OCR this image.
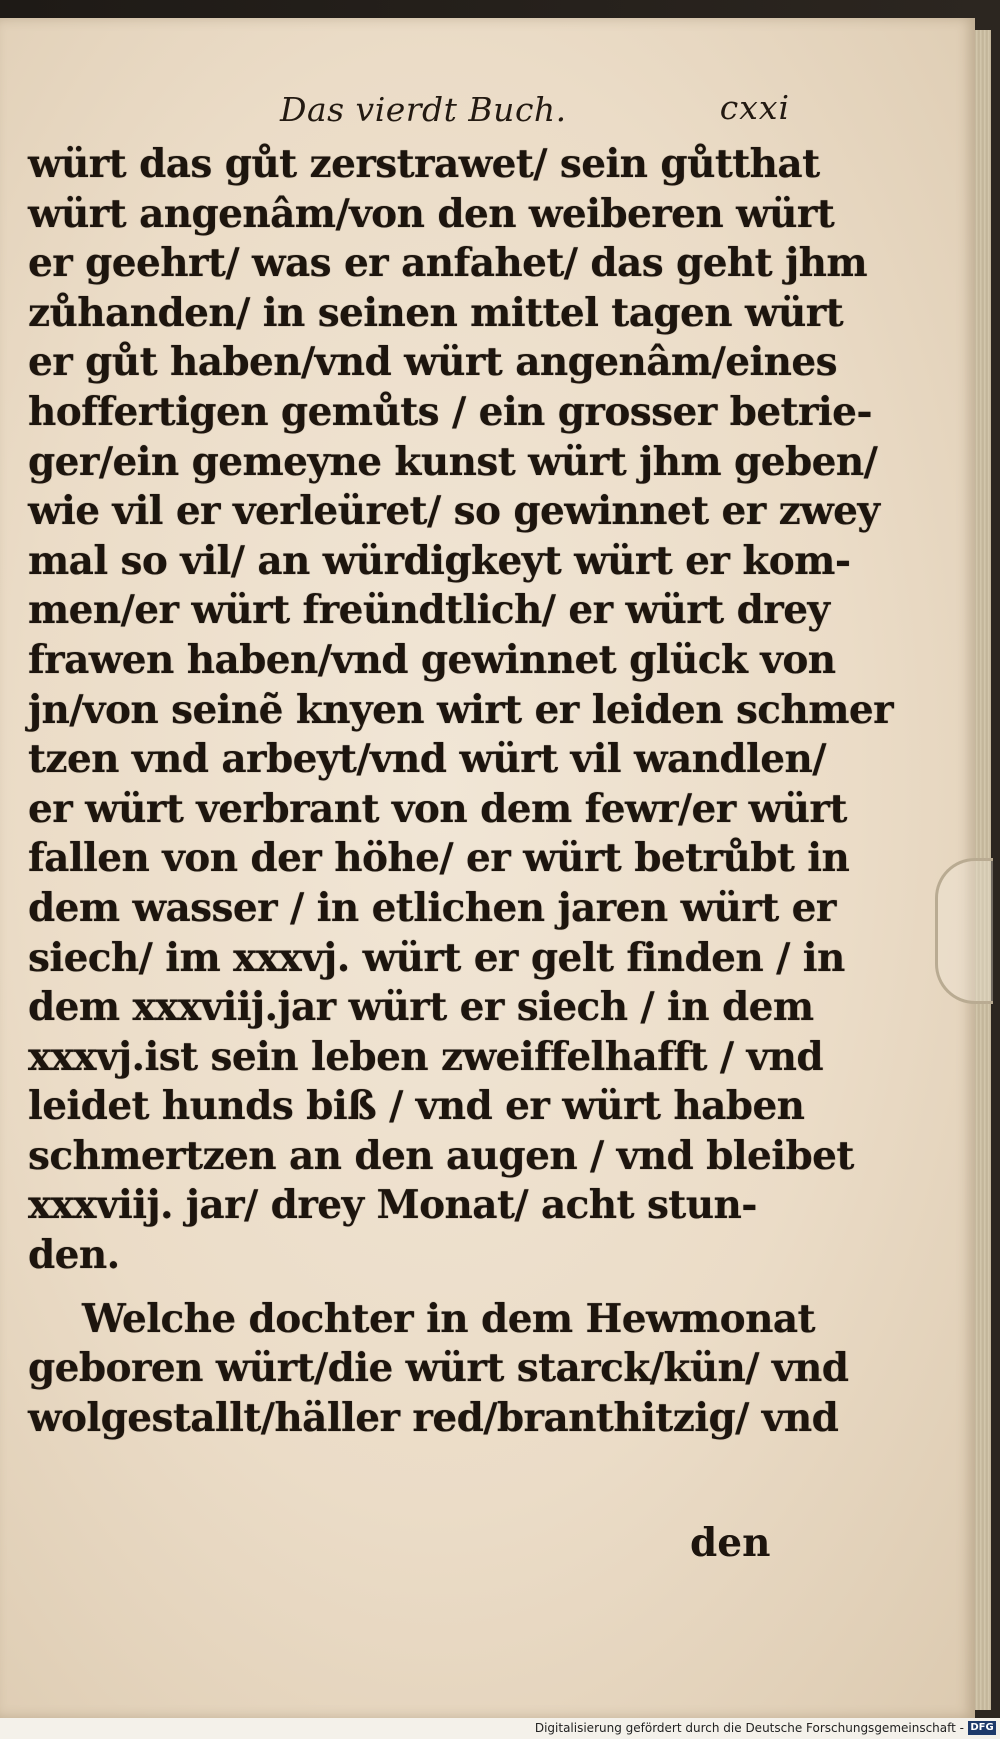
Das vierdt Buch.	cxxi
würt das gůt zerstrawet/ sein gůtthat
würt angenâm/von den weiberen würt
er geehrt/ was er anfahet/ das geht jhm
zůhanden/ in seinen mittel tagen würt
er gůt haben/vnd würt angenâm/eines
hoffertigen gemůts / ein grosser betrie-
ger/ein gemeyne kunst würt jhm geben/
wie vil er verleüret/ so gewinnet er zwey
mal so vil/ an würdigkeyt würt er kom-
men/er würt freündtlich/ er würt drey
frawen haben/vnd gewinnet glück von
jn/von seinẽ knyen wirt er leiden schmer
tzen vnd arbeyt/vnd würt vil wandlen/
er würt verbrant von dem fewr/er würt
fallen von der höhe/ er würt betrůbt in
dem wasser / in etlichen jaren würt er
siech/ im xxxvj. würt er gelt finden / in
dem xxxviij.jar würt er siech / in dem
xxxvj.ist sein leben zweiffelhafft / vnd
leidet hunds biß / vnd er würt haben
schmertzen an den augen / vnd bleibet
xxxviij. jar/ drey Monat/ acht stun-
den.
Welche dochter in dem Hewmonat
geboren würt/die würt starck/kün/ vnd
wolgestallt/häller red/branthitzig/ vnd
den
Digitalisierung gefördert durch die Deutsche Forschungsgemeinschaft - DFG
